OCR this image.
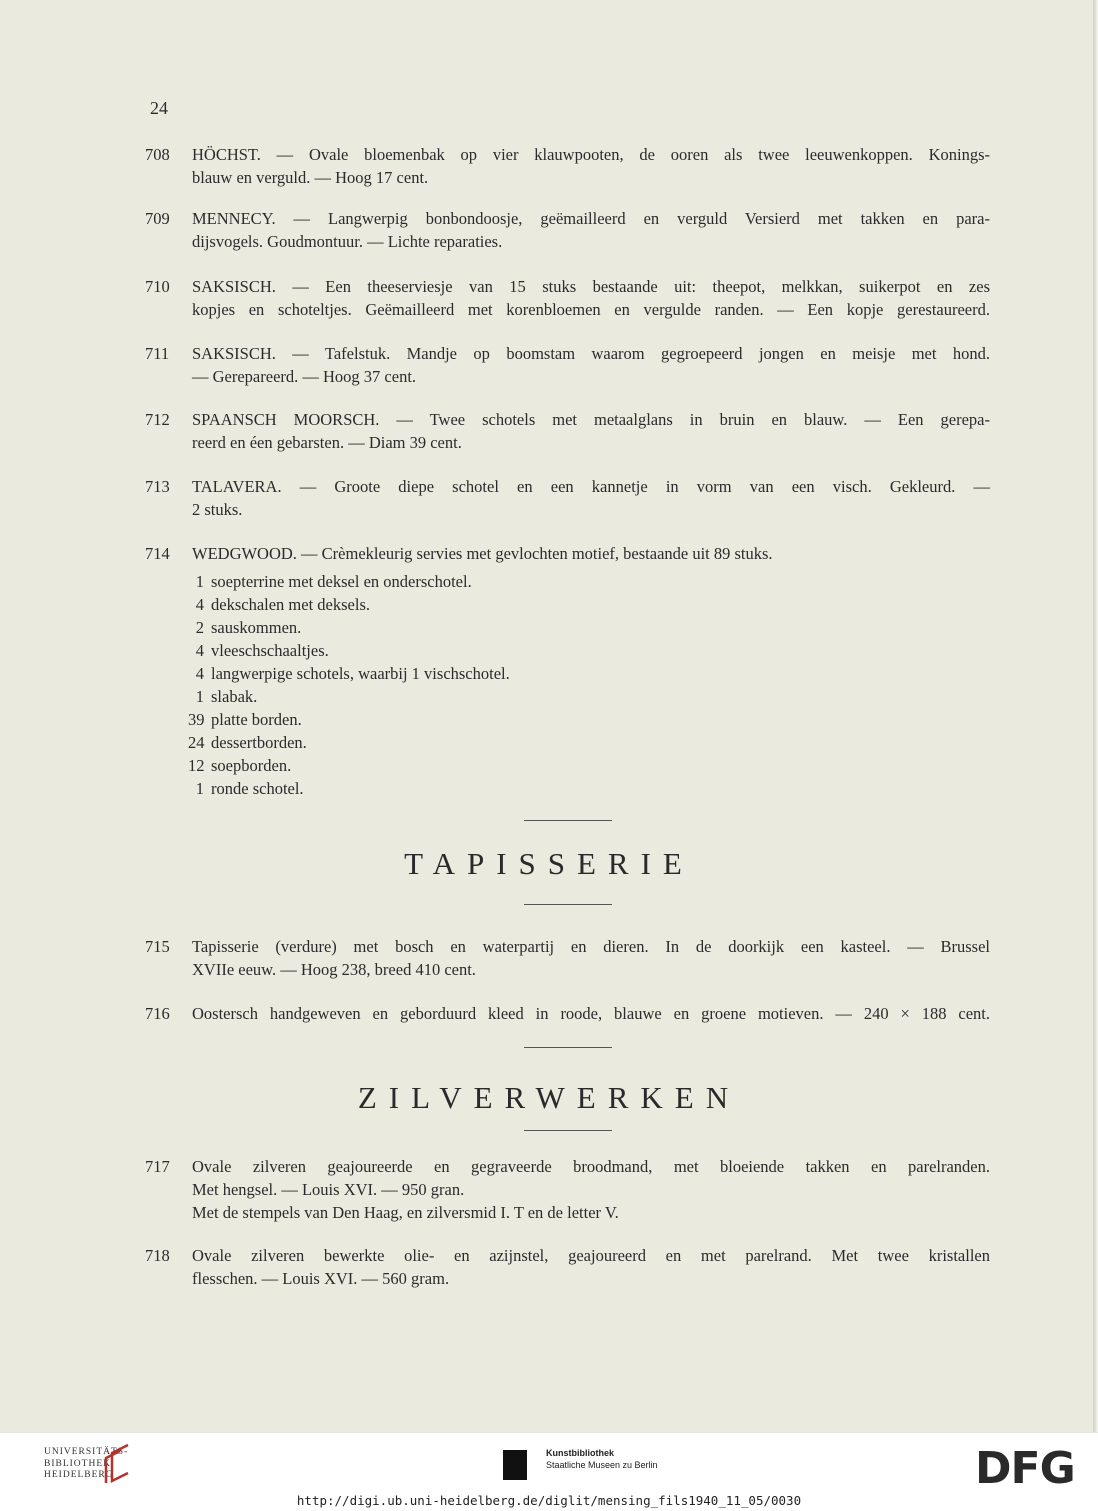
24
708	HÖCHST. — Ovale bloemenbak op vier klauwpooten, de ooren als twee leeuwenkoppen. Konings-
blauw en verguld. — Hoog 17 cent.
709	MENNECY. — Langwerpig bonbondoosje, geëmailleerd en verguld Versierd met takken en para-
dijsvogels. Goudmontuur. — Lichte reparaties.
710	SAKSISCH. — Een theeserviesje van 15 stuks bestaande uit: theepot, melkkan, suikerpot en zes
kopjes en schoteltjes. Geëmailleerd met korenbloemen en vergulde randen. — Een kopje gerestaureerd.
711	SAKSISCH. — Tafelstuk. Mandje op boomstam waarom gegroepeerd jongen en meisje met hond.
— Gerepareerd. — Hoog 37 cent.
712	SPAANSCH MOORSCH. — Twee schotels met metaalglans in bruin en blauw. — Een gerepa-
reerd en éen gebarsten. — Diam 39 cent.
713	TALAVERA. — Groote diepe schotel en een kannetje in vorm van een visch. Gekleurd. —
2 stuks.
714	WEDGWOOD. — Crèmekleurig servies met gevlochten motief, bestaande uit 89 stuks.
1 soepterrine met deksel en onderschotel.
4 dekschalen met deksels.
2 sauskommen.
4 vleeschschaaltjes.
4 langwerpige schotels, waarbij 1 vischschotel.
1 slabak.
39 platte borden.
24 dessertborden.
12 soepborden.
1 ronde schotel.
TAPISSERIE
715	Tapisserie (verdure) met bosch en waterpartij en dieren. In de doorkijk een kasteel. — Brussel
XVIIe eeuw. — Hoog 238, breed 410 cent.
716	Oostersch handgeweven en geborduurd kleed in roode, blauwe en groene motieven. — 240 × 188 cent.
ZILVERWERKEN
717	Ovale zilveren geajoureerde en gegraveerde broodmand, met bloeiende takken en parelranden.
Met hengsel. — Louis XVI. — 950 gran.
Met de stempels van Den Haag, en zilversmid I. T en de letter V.
718	Ovale zilveren bewerkte olie- en azijnstel, geajoureerd en met parelrand. Met twee kristallen
flesschen. — Louis XVI. — 560 gram.
UNIVERSITÄTS-
BIBLIOTHEK
HEIDELBERG
Kunstbibliothek
Staatliche Museen zu Berlin	DFG
http://digi.ub.uni-heidelberg.de/diglit/mensing_fils1940_11_05/0030
